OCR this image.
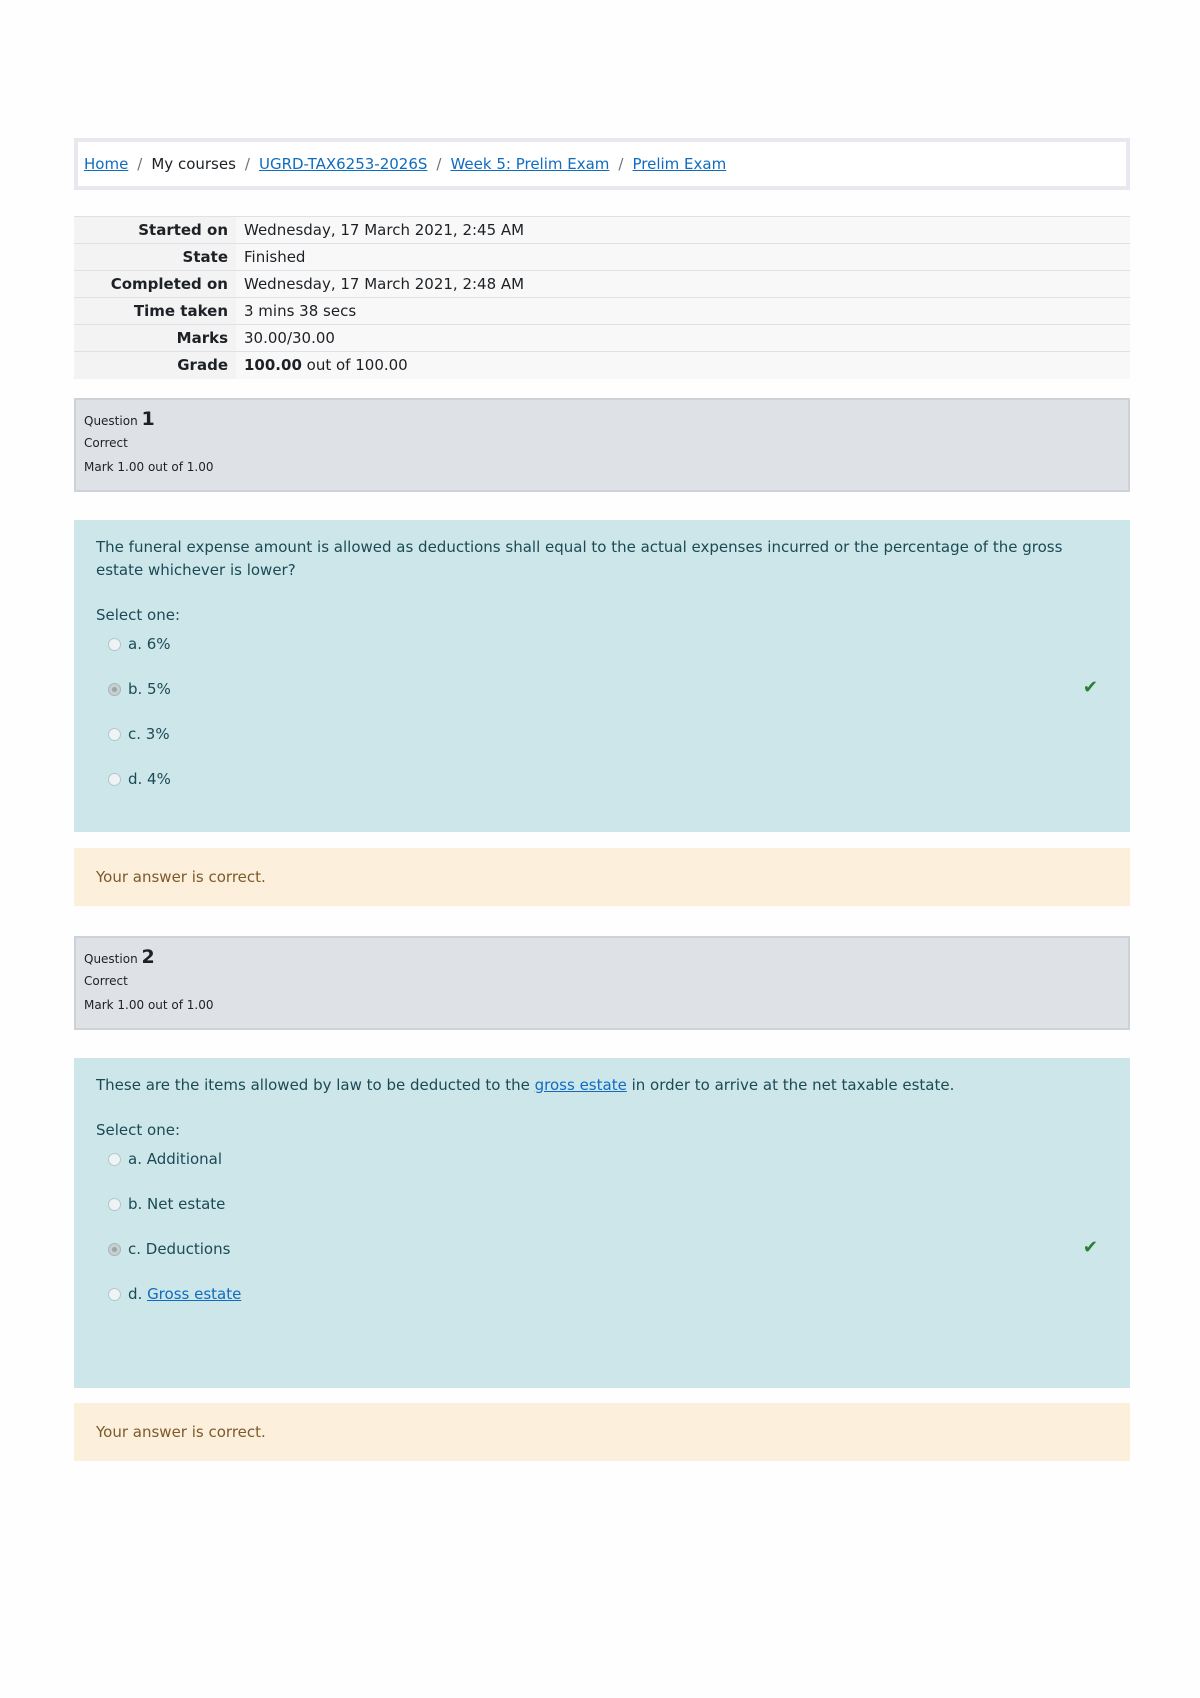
Home / My courses / UGRD-TAX6253-2026S / Week 5: Prelim Exam / Prelim Exam
Started on	Wednesday, 17 March 2021, 2:45 AM
State	Finished
Completed on	Wednesday, 17 March 2021, 2:48 AM
Time taken	3 mins 38 secs
Marks	30.00/30.00
Grade	100.00 out of 100.00
Question 1
Correct
Mark 1.00 out of 1.00
The funeral expense amount is allowed as deductions shall equal to the actual expenses incurred or the percentage of the gross estate whichever is lower?
Select one:
a. 6%
b. 5%	✔
c. 3%
d. 4%
Your answer is correct.
Question 2
Correct
Mark 1.00 out of 1.00
These are the items allowed by law to be deducted to the gross estate in order to arrive at the net taxable estate.
Select one:
a. Additional
b. Net estate
c. Deductions	✔
d. Gross estate
Your answer is correct.
